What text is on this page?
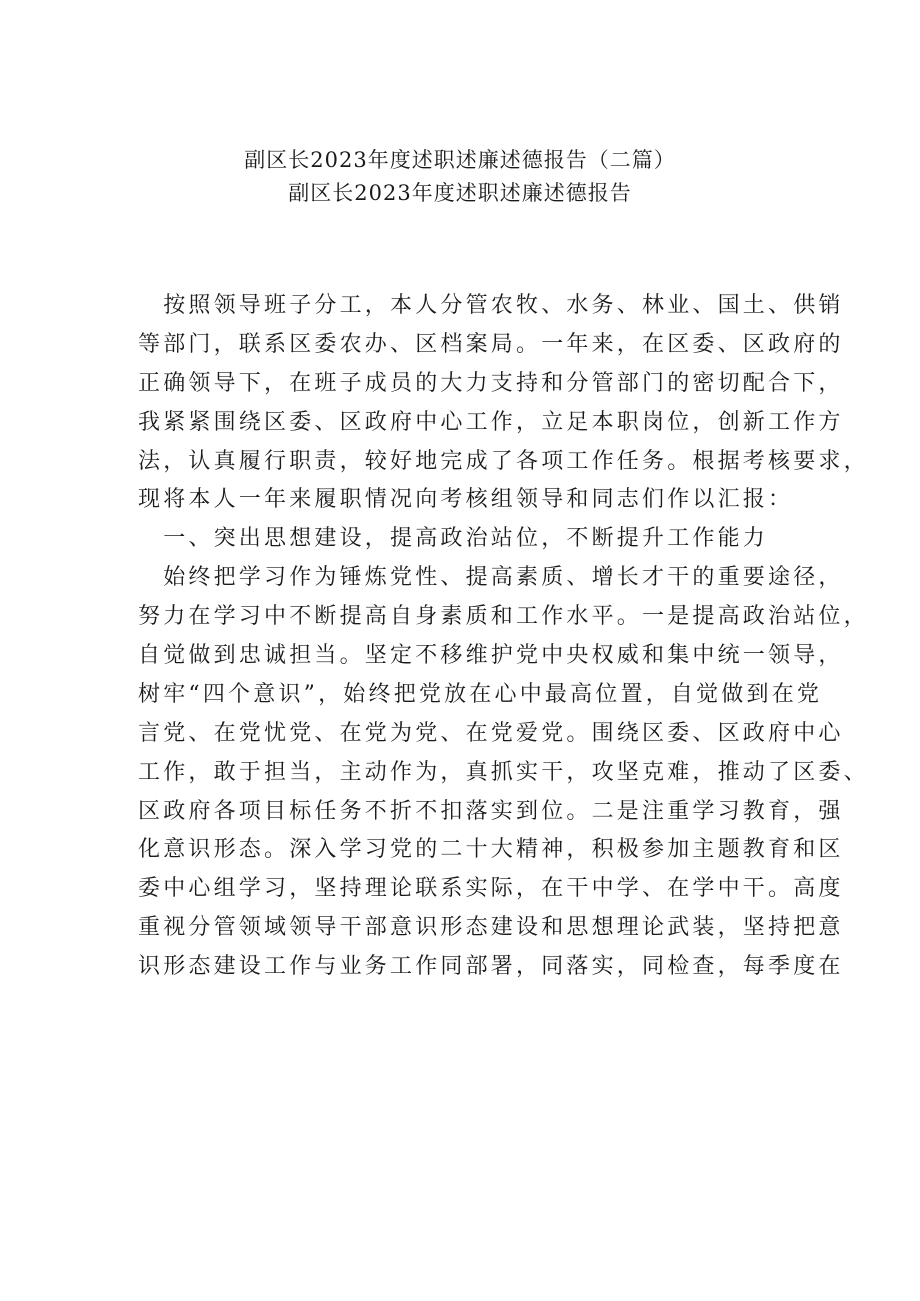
副区长2023年度述职述廉述德报告（二篇）
副区长2023年度述职述廉述德报告
　按照领导班子分工，本人分管农牧、水务、林业、国土、供销
等部门，联系区委农办、区档案局。一年来，在区委、区政府的
正确领导下，在班子成员的大力支持和分管部门的密切配合下，
我紧紧围绕区委、区政府中心工作，立足本职岗位，创新工作方
法，认真履行职责，较好地完成了各项工作任务。根据考核要求，
现将本人一年来履职情况向考核组领导和同志们作以汇报：
　一、突出思想建设，提高政治站位，不断提升工作能力
　始终把学习作为锤炼党性、提高素质、增长才干的重要途径，
努力在学习中不断提高自身素质和工作水平。一是提高政治站位，
自觉做到忠诚担当。坚定不移维护党中央权威和集中统一领导，
树牢“四个意识”，始终把党放在心中最高位置，自觉做到在党
言党、在党忧党、在党为党、在党爱党。围绕区委、区政府中心
工作，敢于担当，主动作为，真抓实干，攻坚克难，推动了区委、
区政府各项目标任务不折不扣落实到位。二是注重学习教育，强
化意识形态。深入学习党的二十大精神，积极参加主题教育和区
委中心组学习，坚持理论联系实际，在干中学、在学中干。高度
重视分管领域领导干部意识形态建设和思想理论武装，坚持把意
识形态建设工作与业务工作同部署，同落实，同检查，每季度在
